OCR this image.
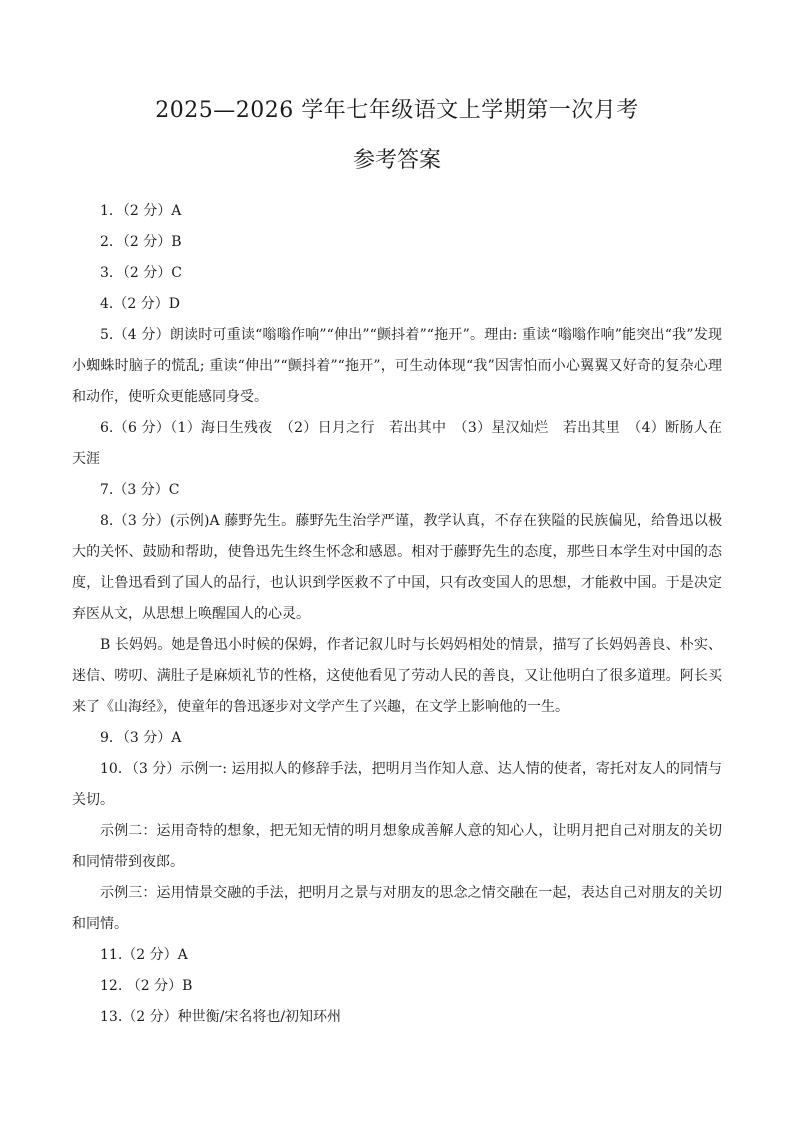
2025—2026 学年七年级语文上学期第一次月考
参考答案

1．（2 分）A

2．（2 分）B

3．（2 分）C

4.（2 分）D

5.（4 分）朗读时可重读“嗡嗡作响”“伸出”“颤抖着”“拖开”。理由: 重读“嗡嗡作响”能突出“我”发现小蜘蛛时脑子的慌乱; 重读“伸出”“颤抖着”“拖开”，可生动体现“我”因害怕而小心翼翼又好奇的复杂心理和动作，使听众更能感同身受。

6.（6 分）（1）海日生残夜　（2）日月之行　若出其中　（3）星汉灿烂　若出其里　（4）断肠人在天涯

7.（3 分）C

8.（3 分）(示例)A 藤野先生。藤野先生治学严谨，教学认真，不存在狭隘的民族偏见，给鲁迅以极大的关怀、鼓励和帮助，使鲁迅先生终生怀念和感恩。相对于藤野先生的态度，那些日本学生对中国的态度，让鲁迅看到了国人的品行，也认识到学医救不了中国，只有改变国人的思想，才能救中国。于是决定弃医从文，从思想上唤醒国人的心灵。

B 长妈妈。她是鲁迅小时候的保姆，作者记叙儿时与长妈妈相处的情景，描写了长妈妈善良、朴实、迷信、唠叨、满肚子是麻烦礼节的性格，这使他看见了劳动人民的善良，又让他明白了很多道理。阿长买来了《山海经》，使童年的鲁迅逐步对文学产生了兴趣，在文学上影响他的一生。

9．（3 分）A

10．（3 分）示例一: 运用拟人的修辞手法，把明月当作知人意、达人情的使者，寄托对友人的同情与关切。

示例二：运用奇特的想象，把无知无情的明月想象成善解人意的知心人，让明月把自己对朋友的关切和同情带到夜郎。

示例三：运用情景交融的手法，把明月之景与对朋友的思念之情交融在一起，表达自己对朋友的关切和同情。

11.（2 分）A

12. （2 分）B

13.（2 分）种世衡/宋名将也/初知环州
